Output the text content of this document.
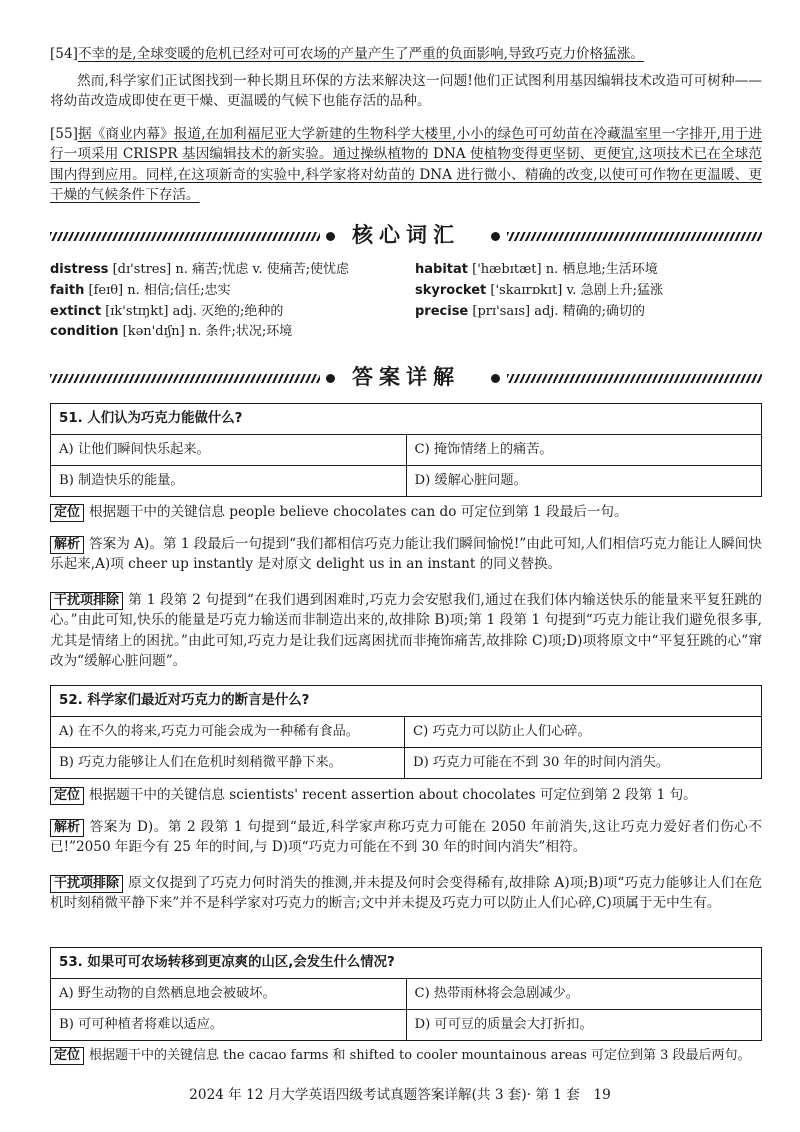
[54]不幸的是,全球变暖的危机已经对可可农场的产量产生了严重的负面影响,导致巧克力价格猛涨。

然而,科学家们正试图找到一种长期且环保的方法来解决这一问题!他们正试图利用基因编辑技术改造可可树种——将幼苗改造成即使在更干燥、更温暖的气候下也能存活的品种。

[55]据《商业内幕》报道,在加利福尼亚大学新建的生物科学大楼里,小小的绿色可可幼苗在冷藏温室里一字排开,用于进行一项采用 CRISPR 基因编辑技术的新实验。通过操纵植物的 DNA 使植物变得更坚韧、更便宜,这项技术已在全球范围内得到应用。同样,在这项新奇的实验中,科学家将对幼苗的 DNA 进行微小、精确的改变,以使可可作物在更温暖、更干燥的气候条件下存活。

核心词汇
distress [dɪ'stres] n. 痛苦;忧虑 v. 使痛苦;使忧虑
faith [feɪθ] n. 相信;信任;忠实
extinct [ɪk'stɪŋkt] adj. 灭绝的;绝种的
condition [kən'dɪʃn] n. 条件;状况;环境
habitat ['hæbɪtæt] n. 栖息地;生活环境
skyrocket ['skaɪrɒkɪt] v. 急剧上升;猛涨
precise [prɪ'saɪs] adj. 精确的;确切的
答案详解
51. 人们认为巧克力能做什么?
A) 让他们瞬间快乐起来。	C) 掩饰情绪上的痛苦。
B) 制造快乐的能量。	D) 缓解心脏问题。

定位 根据题干中的关键信息 people believe chocolates can do 可定位到第 1 段最后一句。

解析 答案为 A)。第 1 段最后一句提到“我们都相信巧克力能让我们瞬间愉悦!”由此可知,人们相信巧克力能让人瞬间快乐起来,A)项 cheer up instantly 是对原文 delight us in an instant 的同义替换。

干扰项排除 第 1 段第 2 句提到“在我们遇到困难时,巧克力会安慰我们,通过在我们体内输送快乐的能量来平复狂跳的心。”由此可知,快乐的能量是巧克力输送而非制造出来的,故排除 B)项;第 1 段第 1 句提到“巧克力能让我们避免很多事,尤其是情绪上的困扰。”由此可知,巧克力是让我们远离困扰而非掩饰痛苦,故排除 C)项;D)项将原文中“平复狂跳的心”窜改为“缓解心脏问题”。

52. 科学家们最近对巧克力的断言是什么?
A) 在不久的将来,巧克力可能会成为一种稀有食品。	C) 巧克力可以防止人们心碎。
B) 巧克力能够让人们在危机时刻稍微平静下来。	D) 巧克力可能在不到 30 年的时间内消失。

定位 根据题干中的关键信息 scientists' recent assertion about chocolates 可定位到第 2 段第 1 句。

解析 答案为 D)。第 2 段第 1 句提到“最近,科学家声称巧克力可能在 2050 年前消失,这让巧克力爱好者们伤心不已!”2050 年距今有 25 年的时间,与 D)项“巧克力可能在不到 30 年的时间内消失”相符。

干扰项排除 原文仅提到了巧克力何时消失的推测,并未提及何时会变得稀有,故排除 A)项;B)项“巧克力能够让人们在危机时刻稍微平静下来”并不是科学家对巧克力的断言;文中并未提及巧克力可以防止人们心碎,C)项属于无中生有。

53. 如果可可农场转移到更凉爽的山区,会发生什么情况?
A) 野生动物的自然栖息地会被破坏。	C) 热带雨林将会急剧减少。
B) 可可种植者将难以适应。	D) 可可豆的质量会大打折扣。

定位 根据题干中的关键信息 the cacao farms 和 shifted to cooler mountainous areas 可定位到第 3 段最后两句。

2024 年 12 月大学英语四级考试真题答案详解(共 3 套)· 第 1 套　19
